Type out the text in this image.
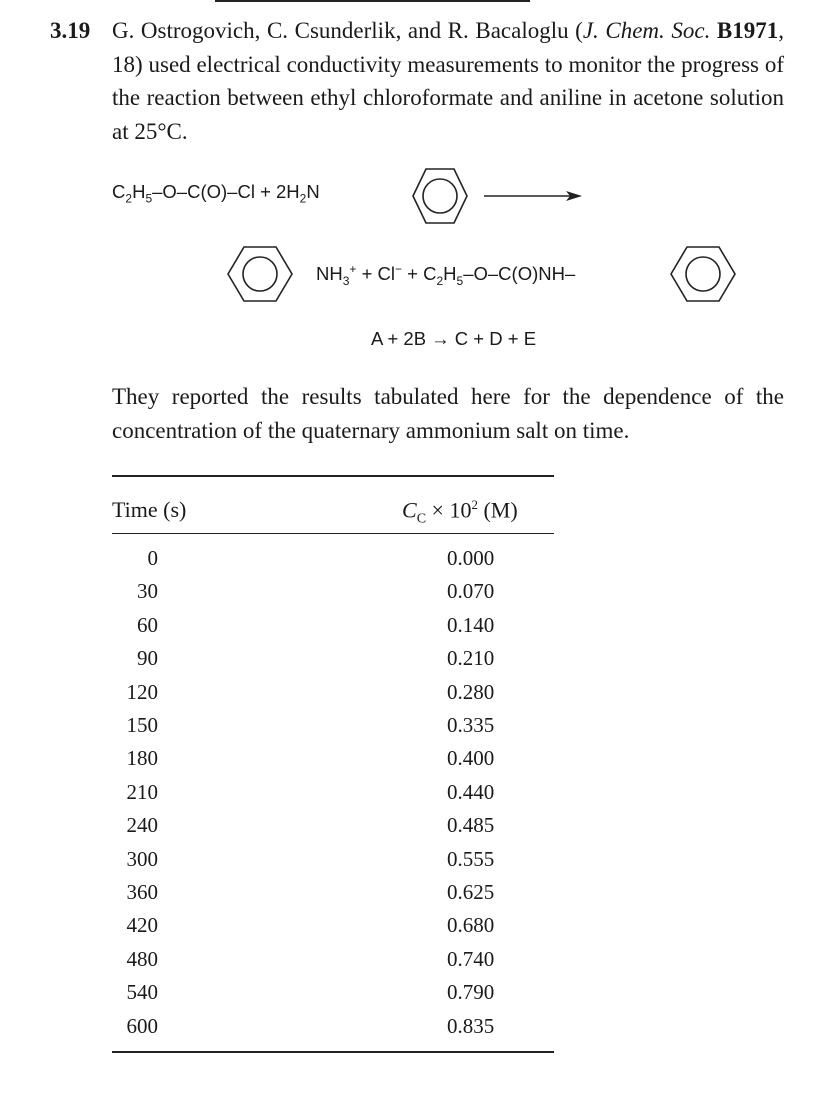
3.19 G. Ostrogovich, C. Csunderlik, and R. Bacaloglu (J. Chem. Soc. B1971, 18) used electrical conductivity measurements to monitor the progress of the reaction between ethyl chloroformate and aniline in acetone solution at 25°C.
$C_2H_5-O-C(O)-Cl + 2H_2N$
$NH_3^+ + Cl^- + C_2H_5-O-C(O)NH-$
A + 2B → C + D + E
They reported the results tabulated here for the dependence of the concentration of the quaternary ammonium salt on time.
Time (s)	$C_C \times 10^2$ (M)
0	0.000
30	0.070
60	0.140
90	0.210
120	0.280
150	0.335
180	0.400
210	0.440
240	0.485
300	0.555
360	0.625
420	0.680
480	0.740
540	0.790
600	0.835
